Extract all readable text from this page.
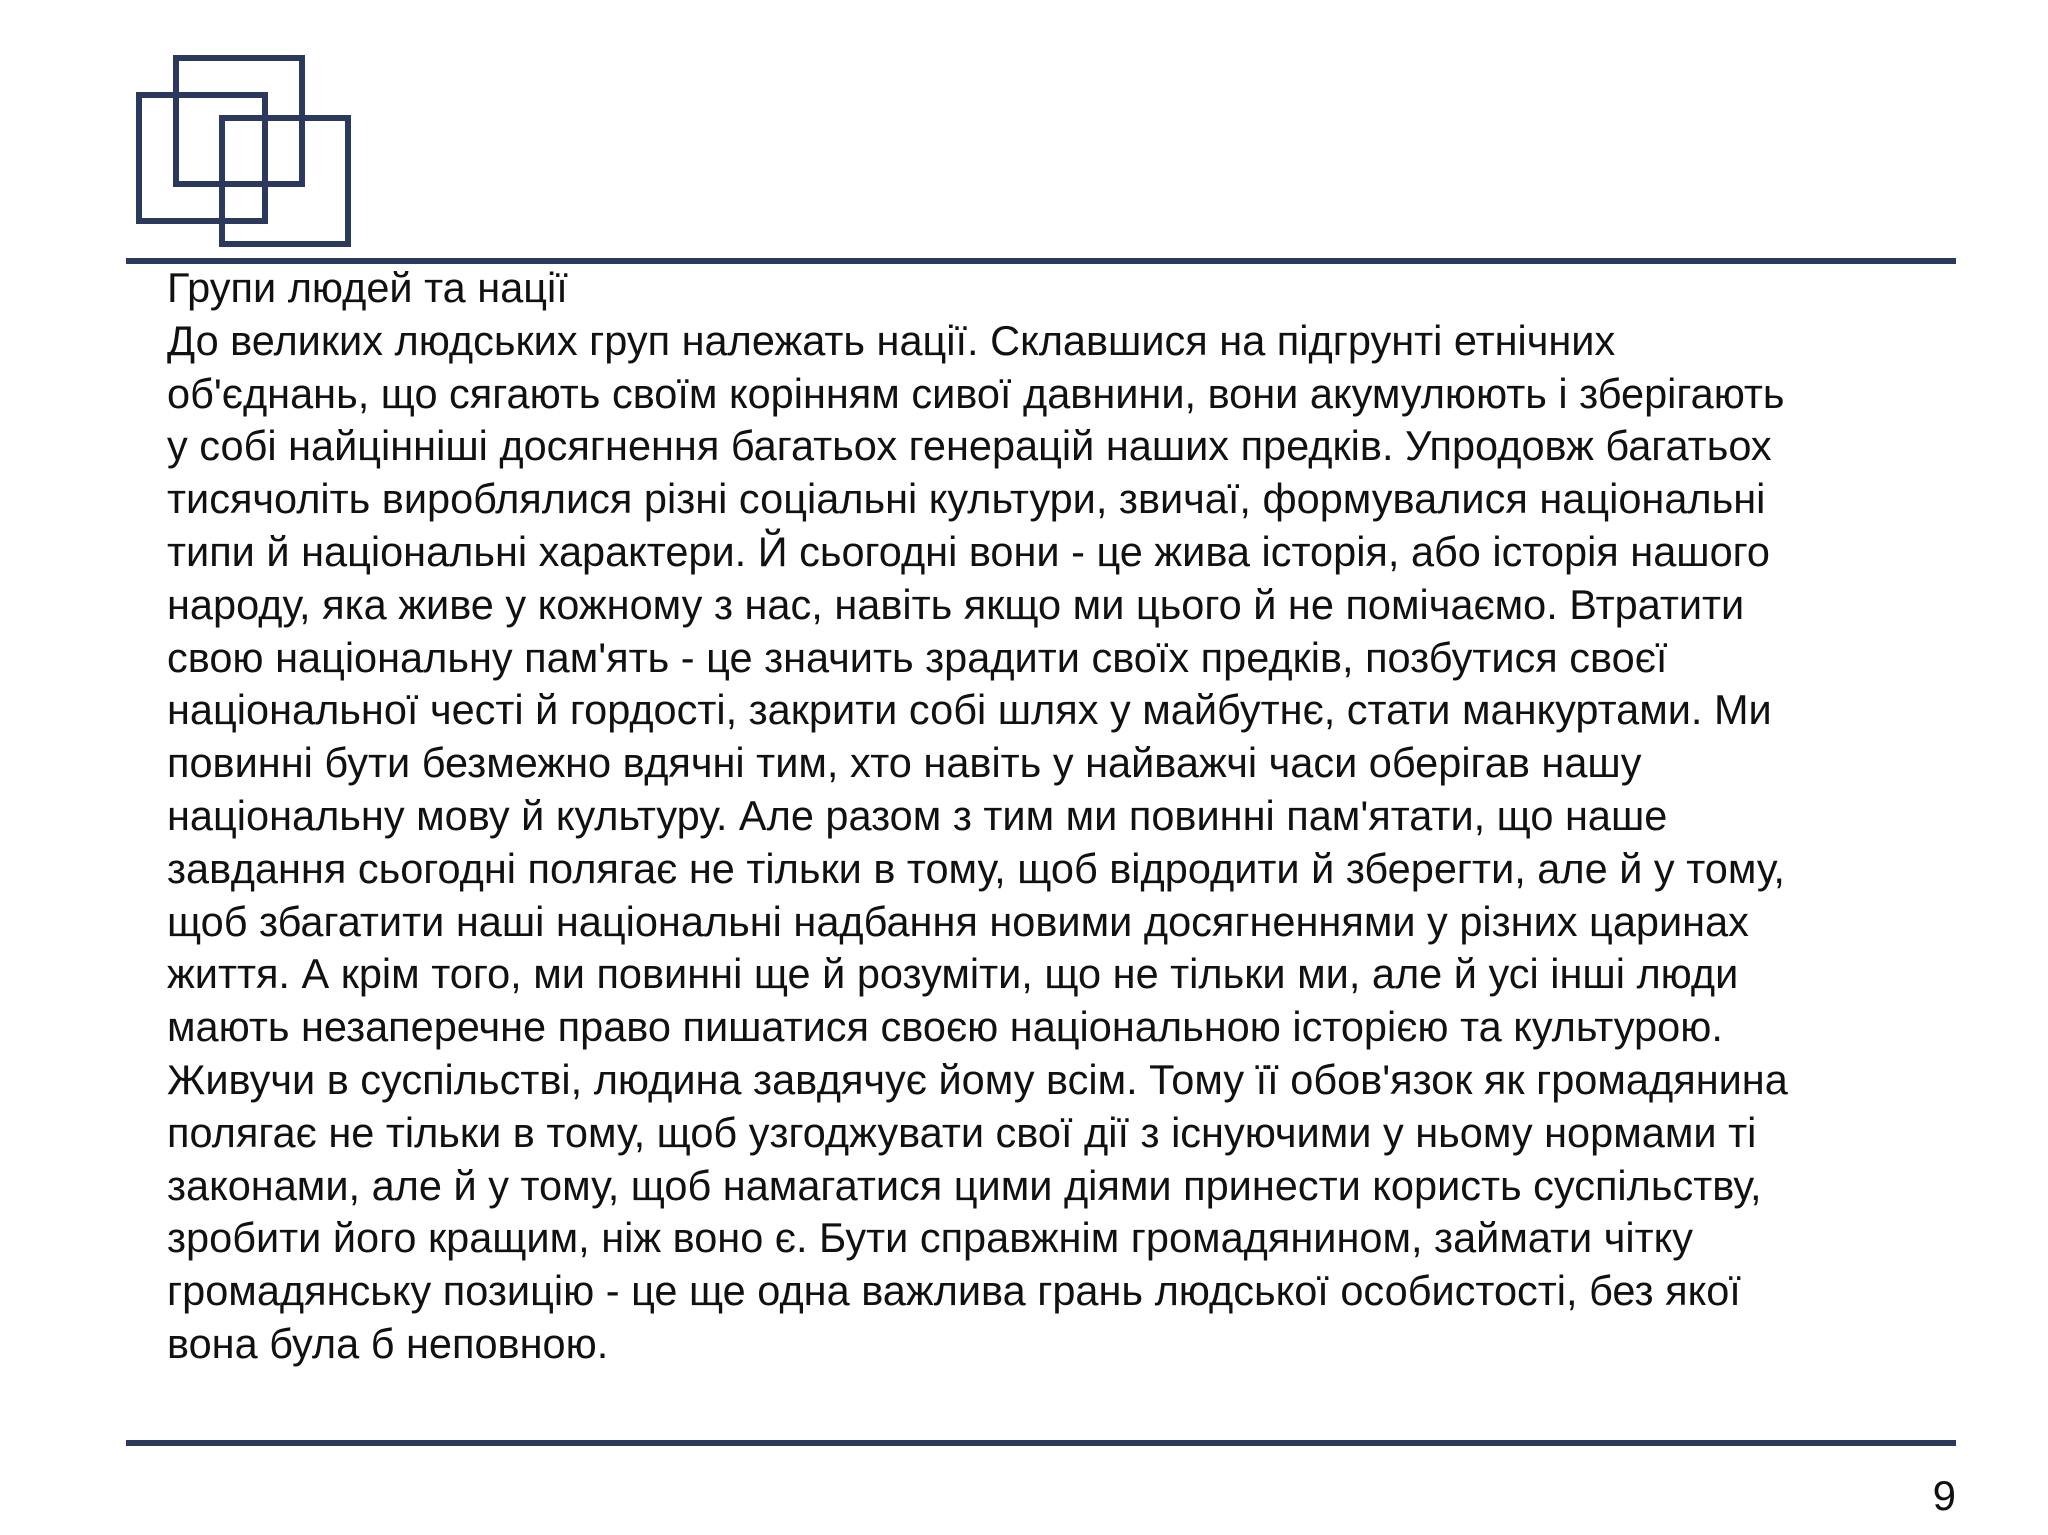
Групи людей та нації
До великих людських груп належать нації. Склавшися на підгрунті етнічних
об'єднань, що сягають своїм корінням сивої давнини, вони акумулюють і зберігають
у собі найцінніші досягнення багатьох генерацій наших предків. Упродовж багатьох
тисячоліть вироблялися різні соціальні культури, звичаї, формувалися національні
типи й національні характери. Й сьогодні вони - це жива історія, або історія нашого
народу, яка живе у кожному з нас, навіть якщо ми цього й не помічаємо. Втратити
свою національну пам'ять - це значить зрадити своїх предків, позбутися своєї
національної честі й гордості, закрити собі шлях у майбутнє, стати манкуртами. Ми
повинні бути безмежно вдячні тим, хто навіть у найважчі часи оберігав нашу
національну мову й культуру. Але разом з тим ми повинні пам'ятати, що наше
завдання сьогодні полягає не тільки в тому, щоб відродити й зберегти, але й у тому,
щоб збагатити наші національні надбання новими досягненнями у різних царинах
життя. А крім того, ми повинні ще й розуміти, що не тільки ми, але й усі інші люди
мають незаперечне право пишатися своєю національною історією та культурою.
Живучи в суспільстві, людина завдячує йому всім. Тому її обов'язок як громадянина
полягає не тільки в тому, щоб узгоджувати свої дії з існуючими у ньому нормами ті
законами, але й у тому, щоб намагатися цими діями принести користь суспільству,
зробити його кращим, ніж воно є. Бути справжнім громадянином, займати чітку
громадянську позицію - це ще одна важлива грань людської особистості, без якої
вона була б неповною.
9
